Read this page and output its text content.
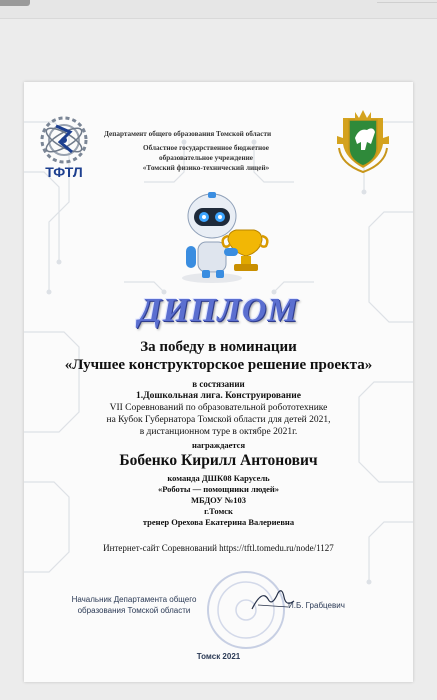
ТФТЛ
Департамент общего образования Томской области
Областное государственное бюджетное
образовательное учреждение
«Томский физико-технический лицей»
ДИПЛОМ
За победу в номинации
«Лучшее конструкторское решение проекта»
в состязании
1.Дошкольная лига. Конструирование
VII Соревнований по образовательной робототехнике
на Кубок Губернатора Томской области для детей 2021,
в дистанционном туре в октябре 2021г.
награждается
Бобенко Кирилл Антонович
команда ДШК08 Карусель
«Роботы — помощники людей»
МБДОУ №103
г.Томск
тренер Орехова Екатерина Валериевна
Интернет-сайт Соревнований https://tftl.tomedu.ru/node/1127
Начальник Департамента общего
образования Томской области
И.Б. Грабцевич
Томск 2021
